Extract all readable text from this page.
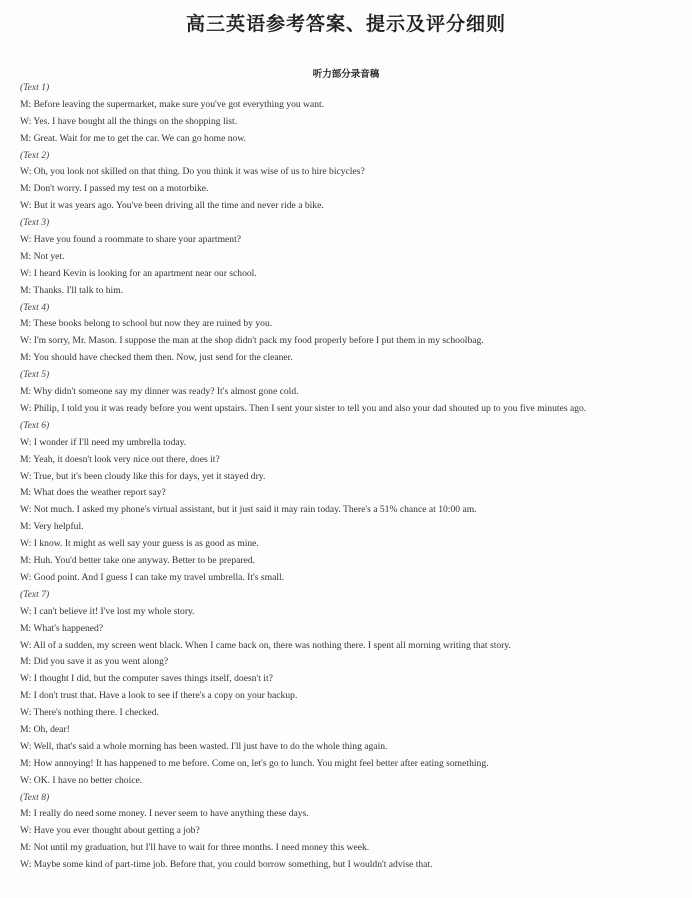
高三英语参考答案、提示及评分细则
听力部分录音稿
(Text 1)
M: Before leaving the supermarket, make sure you've got everything you want.
W: Yes. I have bought all the things on the shopping list.
M: Great. Wait for me to get the car. We can go home now.
(Text 2)
W: Oh, you look not skilled on that thing. Do you think it was wise of us to hire bicycles?
M: Don't worry. I passed my test on a motorbike.
W: But it was years ago. You've been driving all the time and never ride a bike.
(Text 3)
W: Have you found a roommate to share your apartment?
M: Not yet.
W: I heard Kevin is looking for an apartment near our school.
M: Thanks. I'll talk to him.
(Text 4)
M: These books belong to school but now they are ruined by you.
W: I'm sorry, Mr. Mason. I suppose the man at the shop didn't pack my food properly before I put them in my schoolbag.
M: You should have checked them then. Now, just send for the cleaner.
(Text 5)
M: Why didn't someone say my dinner was ready? It's almost gone cold.
W: Philip, I told you it was ready before you went upstairs. Then I sent your sister to tell you and also your dad shouted up to you five minutes ago.
(Text 6)
W: I wonder if I'll need my umbrella today.
M: Yeah, it doesn't look very nice out there, does it?
W: True, but it's been cloudy like this for days, yet it stayed dry.
M: What does the weather report say?
W: Not much. I asked my phone's virtual assistant, but it just said it may rain today. There's a 51% chance at 10:00 am.
M: Very helpful.
W: I know. It might as well say your guess is as good as mine.
M: Huh. You'd better take one anyway. Better to be prepared.
W: Good point. And I guess I can take my travel umbrella. It's small.
(Text 7)
W: I can't believe it! I've lost my whole story.
M: What's happened?
W: All of a sudden, my screen went black. When I came back on, there was nothing there. I spent all morning writing that story.
M: Did you save it as you went along?
W: I thought I did, but the computer saves things itself, doesn't it?
M: I don't trust that. Have a look to see if there's a copy on your backup.
W: There's nothing there. I checked.
M: Oh, dear!
W: Well, that's said a whole morning has been wasted. I'll just have to do the whole thing again.
M: How annoying! It has happened to me before. Come on, let's go to lunch. You might feel better after eating something.
W: OK. I have no better choice.
(Text 8)
M: I really do need some money. I never seem to have anything these days.
W: Have you ever thought about getting a job?
M: Not until my graduation, but I'll have to wait for three months. I need money this week.
W: Maybe some kind of part-time job. Before that, you could borrow something, but I wouldn't advise that.
